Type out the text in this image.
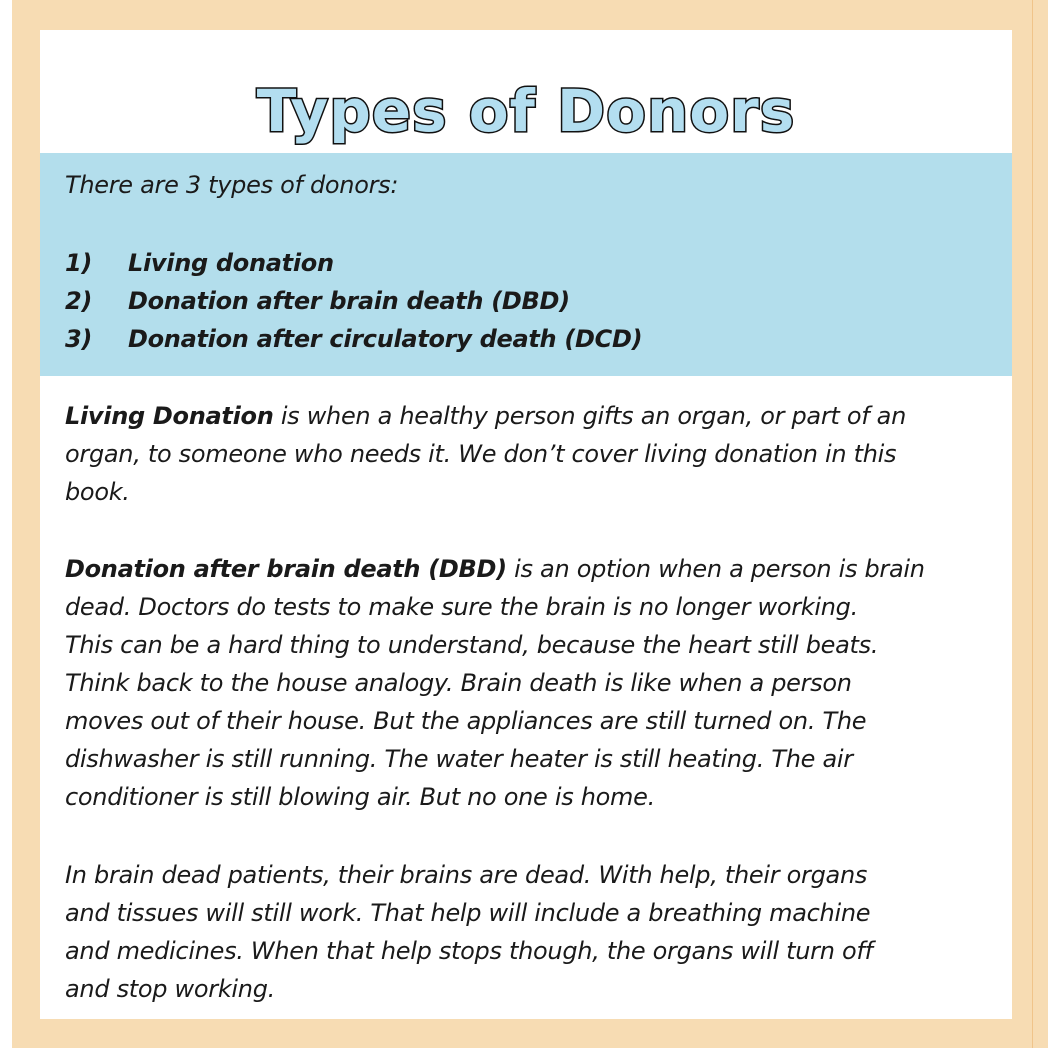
Types of Donors
There are 3 types of donors:
1) Living donation
2) Donation after brain death (DBD)
3) Donation after circulatory death (DCD)
Living Donation is when a healthy person gifts an organ, or part of an
organ, to someone who needs it. We don’t cover living donation in this
book.
Donation after brain death (DBD) is an option when a person is brain
dead. Doctors do tests to make sure the brain is no longer working.
This can be a hard thing to understand, because the heart still beats.
Think back to the house analogy. Brain death is like when a person
moves out of their house. But the appliances are still turned on. The
dishwasher is still running. The water heater is still heating. The air
conditioner is still blowing air. But no one is home.
In brain dead patients, their brains are dead. With help, their organs
and tissues will still work. That help will include a breathing machine
and medicines. When that help stops though, the organs will turn off
and stop working.
